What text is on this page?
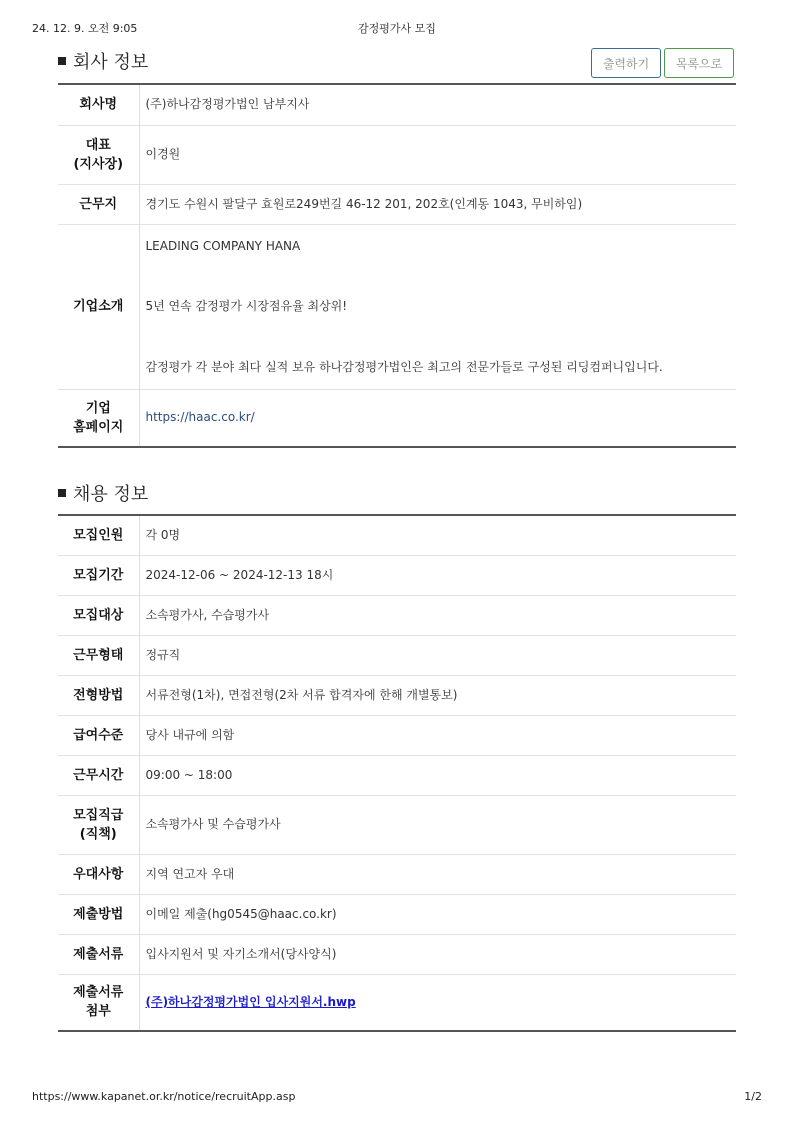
24. 12. 9. 오전 9:05	감정평가사 모집
회사 정보	출력하기	목록으로
회사명	(주)하나감정평가법인 남부지사

대표
(지사장)	이경원
근무지	경기도 수원시 팔달구 효원로249번길 46-12 201, 202호(인계동 1043, 무비하임)
기업소개	LEADING COMPANY HANA
5년 연속 감정평가 시장점유율 최상위!
감정평가 각 분야 최다 실적 보유 하나감정평가법인은 최고의 전문가들로 구성된 리딩컴퍼니입니다.

기업
홈페이지	https://haac.co.kr/
채용 정보
모집인원	각 0명
모집기간	2024-12-06 ~ 2024-12-13 18시
모집대상	소속평가사, 수습평가사
근무형태	정규직
전형방법	서류전형(1차), 면접전형(2차 서류 합격자에 한해 개별통보)
급여수준	당사 내규에 의함
근무시간	09:00 ~ 18:00

모집직급
(직책)	소속평가사 및 수습평가사
우대사항	지역 연고자 우대
제출방법	이메일 제출(hg0545@haac.co.kr)
제출서류	입사지원서 및 자기소개서(당사양식)

제출서류
첨부	(주)하나감정평가법인 입사지원서.hwp
https://www.kapanet.or.kr/notice/recruitApp.asp	1/2
